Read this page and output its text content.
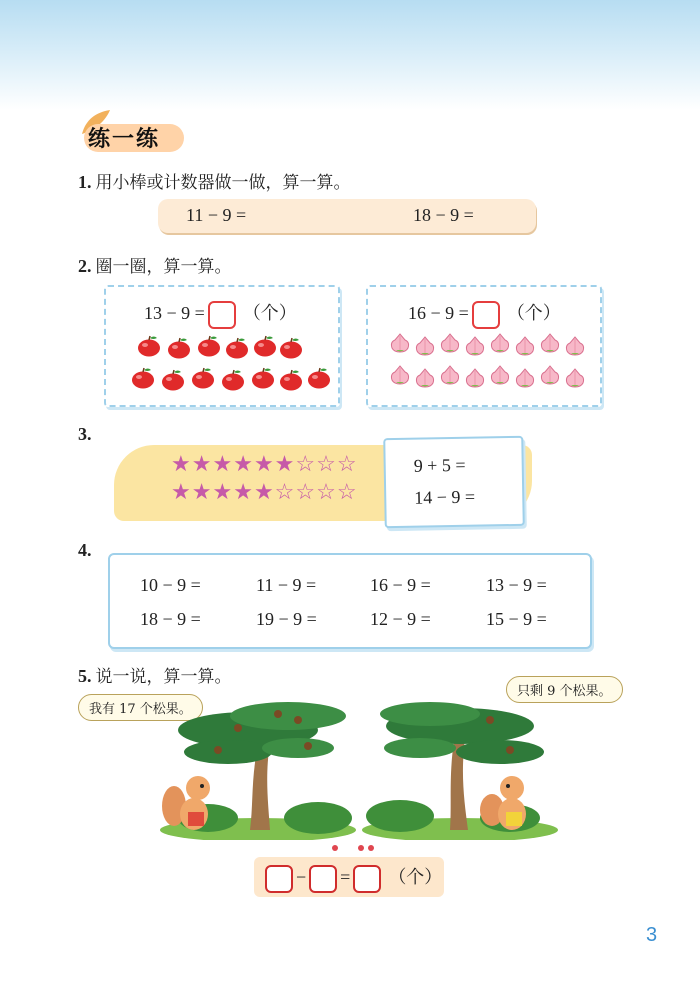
练一练
1. 用小棒或计数器做一做，算一算。
11 − 9 =	18 − 9 =
2. 圈一圈，算一算。
13 − 9 = （个）	16 − 9 = （个）
3.
★★★★★★☆☆☆
★★★★★☆☆☆☆
9 + 5 =
14 − 9 =
4.
10 − 9 =	11 − 9 =	16 − 9 =	13 − 9 =
18 − 9 =	19 − 9 =	12 − 9 =	15 − 9 =
5. 说一说，算一算。
我有 17 个松果。
只剩 9 个松果。
− = （个）
3
